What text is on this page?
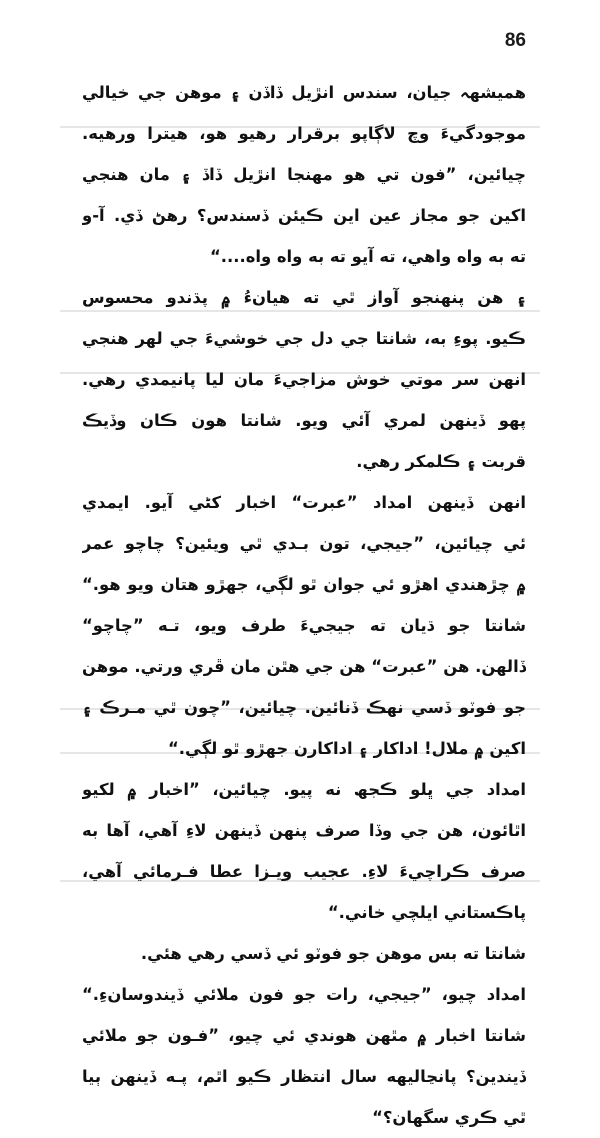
86
همیشهہ جیان، سندس انڙیل ڏاڏن ۽ موهن جي خيالي
موجودگيءَ وچ لاڳاپو برقرار رهيو هو، هيترا ورهيه.
چيائين، ”فون تي هو مهنجا انڙیل ڏاڏ ۽ مان هنجي
اکين جو مجاز عين اين ڪيئن ڏسندس؟ رهڻ ڏي. آ-و
ته به واه واهي، ته آيو ته به واه واه....“
۽ هن پنهنجو آواز ٿي ته هيانءُ ۾ پڌندو محسوس
ڪيو. پوءِ به، شانتا جي دل جي خوشيءَ جي لهر هنجي
انهن سر موتي خوش مزاجيءَ مان ليا پانيمدي رهي.
پهو ڏينهن لمري آئي ويو. شانتا هون ڪان وڏيڪ
قربت ۽ ڪلمکر رهي.
انهن ڏينهن امداد ”عبرت“ اخبار کڻي آيو. ايمدي
ئي چيائين، ”جيجي، تون بـدي ٿي ويئين؟ چاچو عمر
۾ چڙهندي اهڙو ئي جوان ٿو لڳي، جهڙو هتان ويو هو.“
شانتا جو ڌيان ته جيجيءَ طرف ويو، تـه ”چاچو“
ڏالهن. هن ”عبرت“ هن جي هٿن مان ڦري ورتي. موهن
جو فوٽو ڏسي نهڪ ڏنائين. چيائين، ”چون ٿي مـرڪ ۽
اکين ۾ ملال! اداکار ۽ اداکارن جهڙو ٿو لڳي.“
امداد جي ڀلو ڪجھ نه پيو. چيائين، ”اخبار ۾ لکيو
اٿائون، هن جي وڏا صرف پنهن ڏينهن لاءِ آهي، آها به
صرف ڪراچيءَ لاءِ. عجيب ويـزا عطا فـرمائي آهي،
پاڪستاني ايلچي خاني.“
شانتا ته بس موهن جو فوٽو ئي ڏسي رهي هئي.
امداد چيو، ”جيجي، رات جو فون ملائي ڏيندوسانءِ.“
شانتا اخبار ۾ مٿهن هوندي ئي چيو، ”فـون جو ملائي
ڏيندين؟ پانڃاليهه سال انتظار ڪيو اٿم، پـه ڏينهن ٻيا
ٿي ڪري سگهان؟“
